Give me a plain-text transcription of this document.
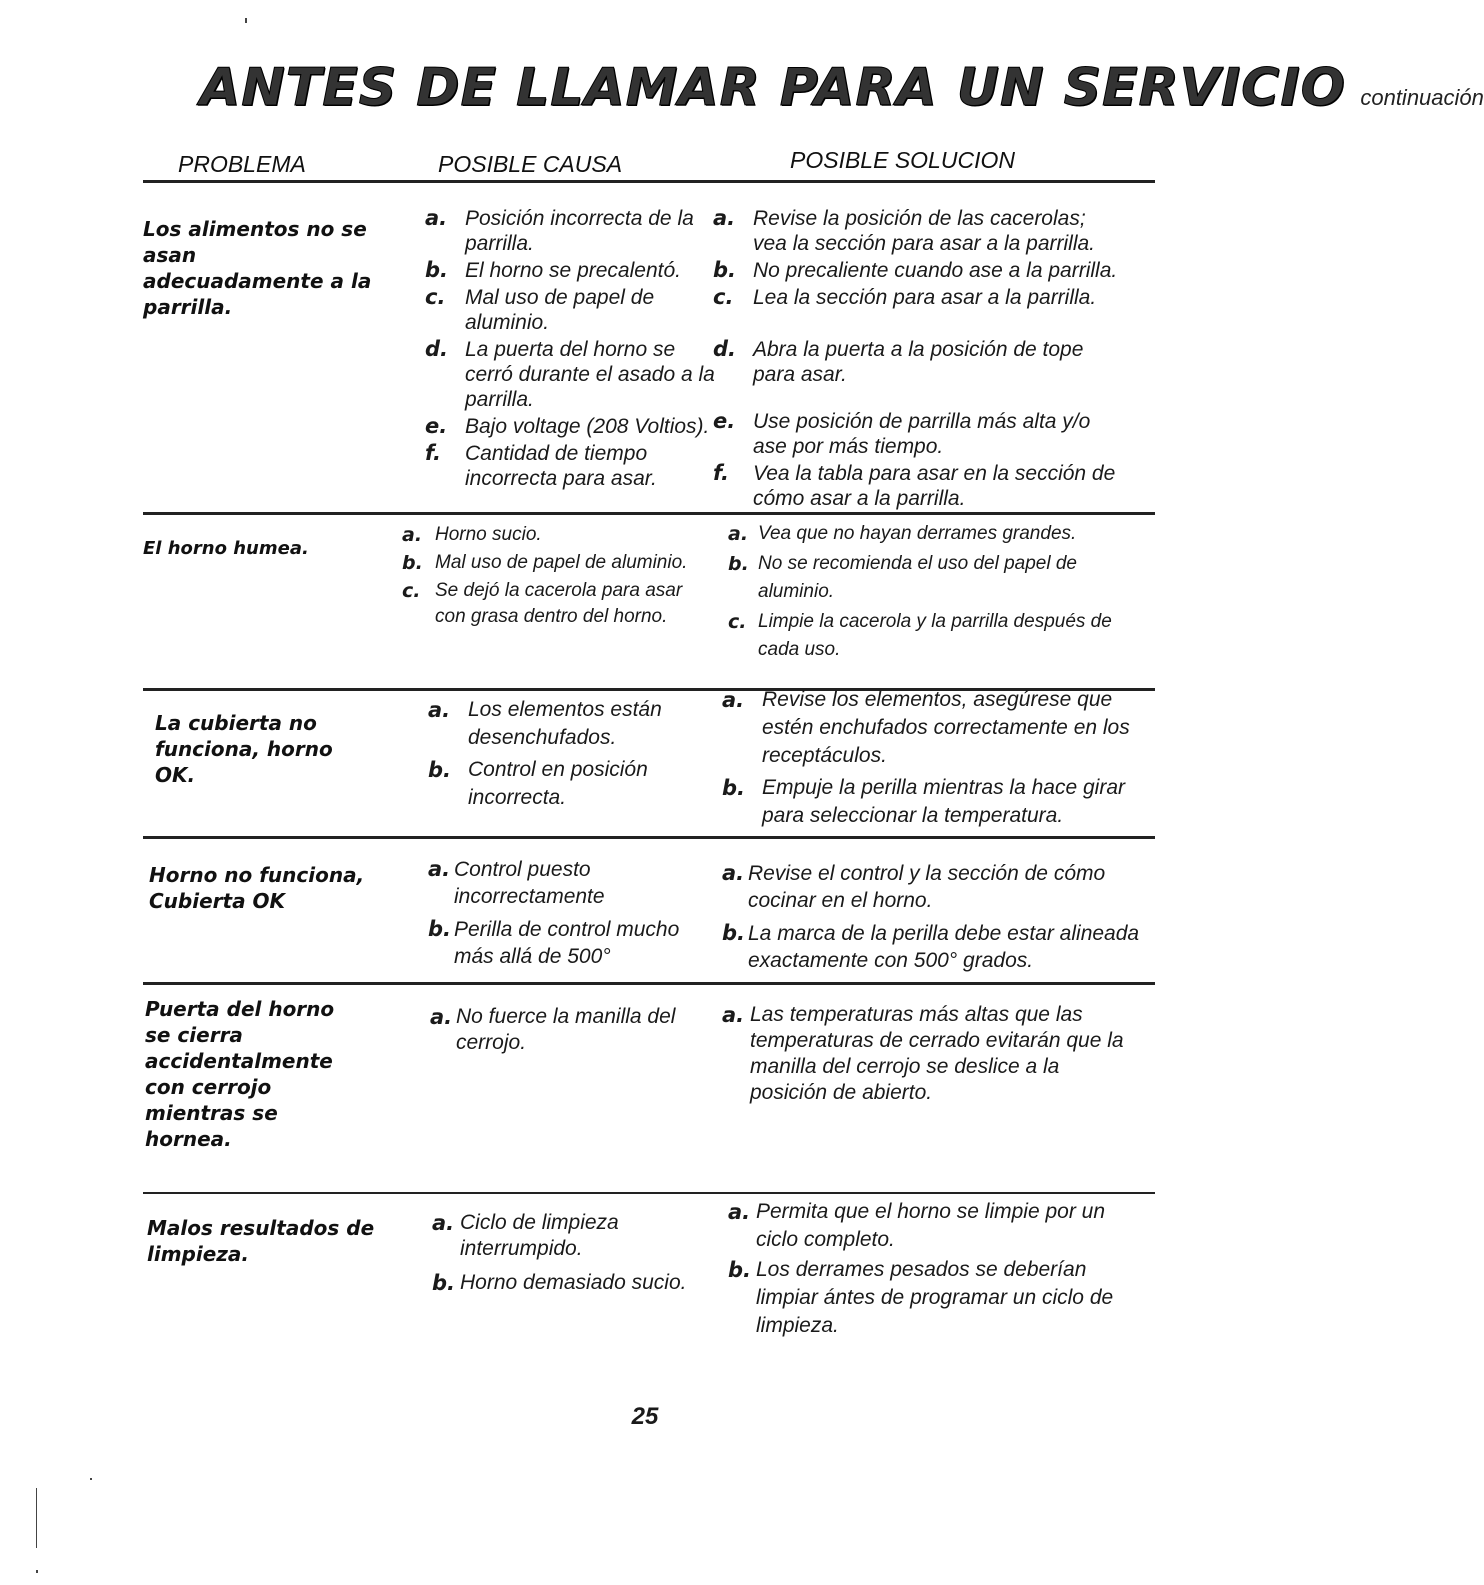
ANTES DE LLAMAR PARA UN SERVICIO continuación
PROBLEMA	POSIBLE CAUSA	POSIBLE SOLUCION
Los alimentos no se asan adecuadamente a la parrilla.
a. Posición incorrecta de la parrilla.
b. El horno se precalentó.
c. Mal uso de papel de aluminio.
d. La puerta del horno se cerró durante el asado a la parrilla.
e. Bajo voltage (208 Voltios).
f. Cantidad de tiempo incorrecta para asar.
a. Revise la posición de las cacerolas; vea la sección para asar a la parrilla.
b. No precaliente cuando ase a la parrilla.
c. Lea la sección para asar a la parrilla.
d. Abra la puerta a la posición de tope para asar.
e. Use posición de parrilla más alta y/o ase por más tiempo.
f. Vea la tabla para asar en la sección de cómo asar a la parrilla.
El horno humea.
a. Horno sucio.
b. Mal uso de papel de aluminio.
c. Se dejó la cacerola para asar con grasa dentro del horno.
a. Vea que no hayan derrames grandes.
b. No se recomienda el uso del papel de aluminio.
c. Limpie la cacerola y la parrilla después de cada uso.
La cubierta no funciona, horno OK.
a. Los elementos están desenchufados.
b. Control en posición incorrecta.
a. Revise los elementos, asegúrese que estén enchufados correctamente en los receptáculos.
b. Empuje la perilla mientras la hace girar para seleccionar la temperatura.
Horno no funciona, Cubierta OK
a. Control puesto incorrectamente
b. Perilla de control mucho más allá de 500°
a. Revise el control y la sección de cómo cocinar en el horno.
b. La marca de la perilla debe estar alineada exactamente con 500° grados.
Puerta del horno se cierra accidentalmente con cerrojo mientras se hornea.
a. No fuerce la manilla del cerrojo.
a. Las temperaturas más altas que las temperaturas de cerrado evitarán que la manilla del cerrojo se deslice a la posición de abierto.
Malos resultados de limpieza.
a. Ciclo de limpieza interrumpido.
b. Horno demasiado sucio.
a. Permita que el horno se limpie por un ciclo completo.
b. Los derrames pesados se deberían limpiar ántes de programar un ciclo de limpieza.
25
